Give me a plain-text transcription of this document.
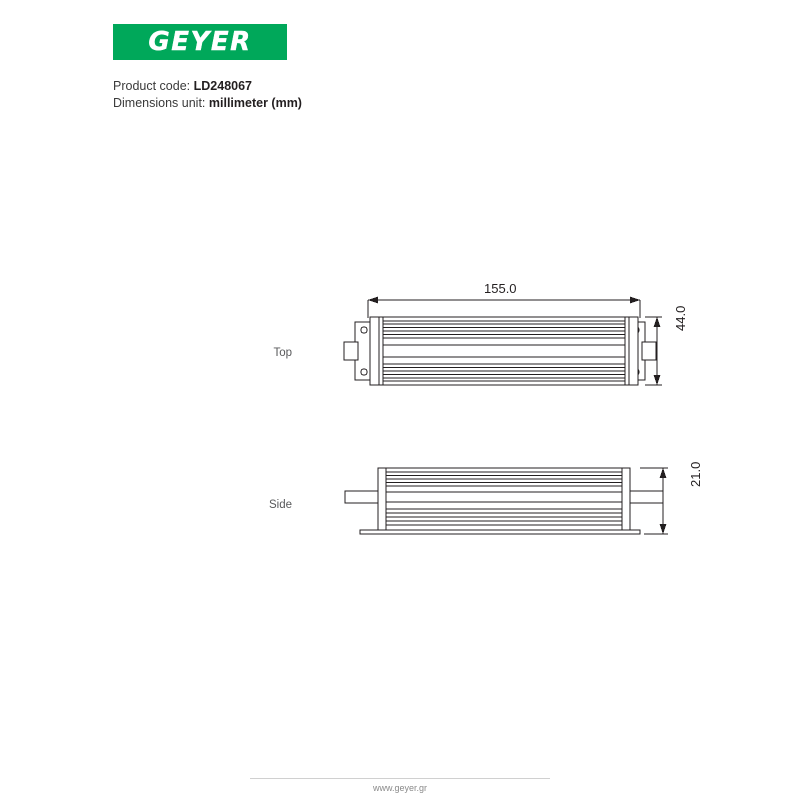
GEYER
Product code: LD248067
Dimensions unit: millimeter (mm)
Top
Side
155.0
44.0
21.0
www.geyer.gr
